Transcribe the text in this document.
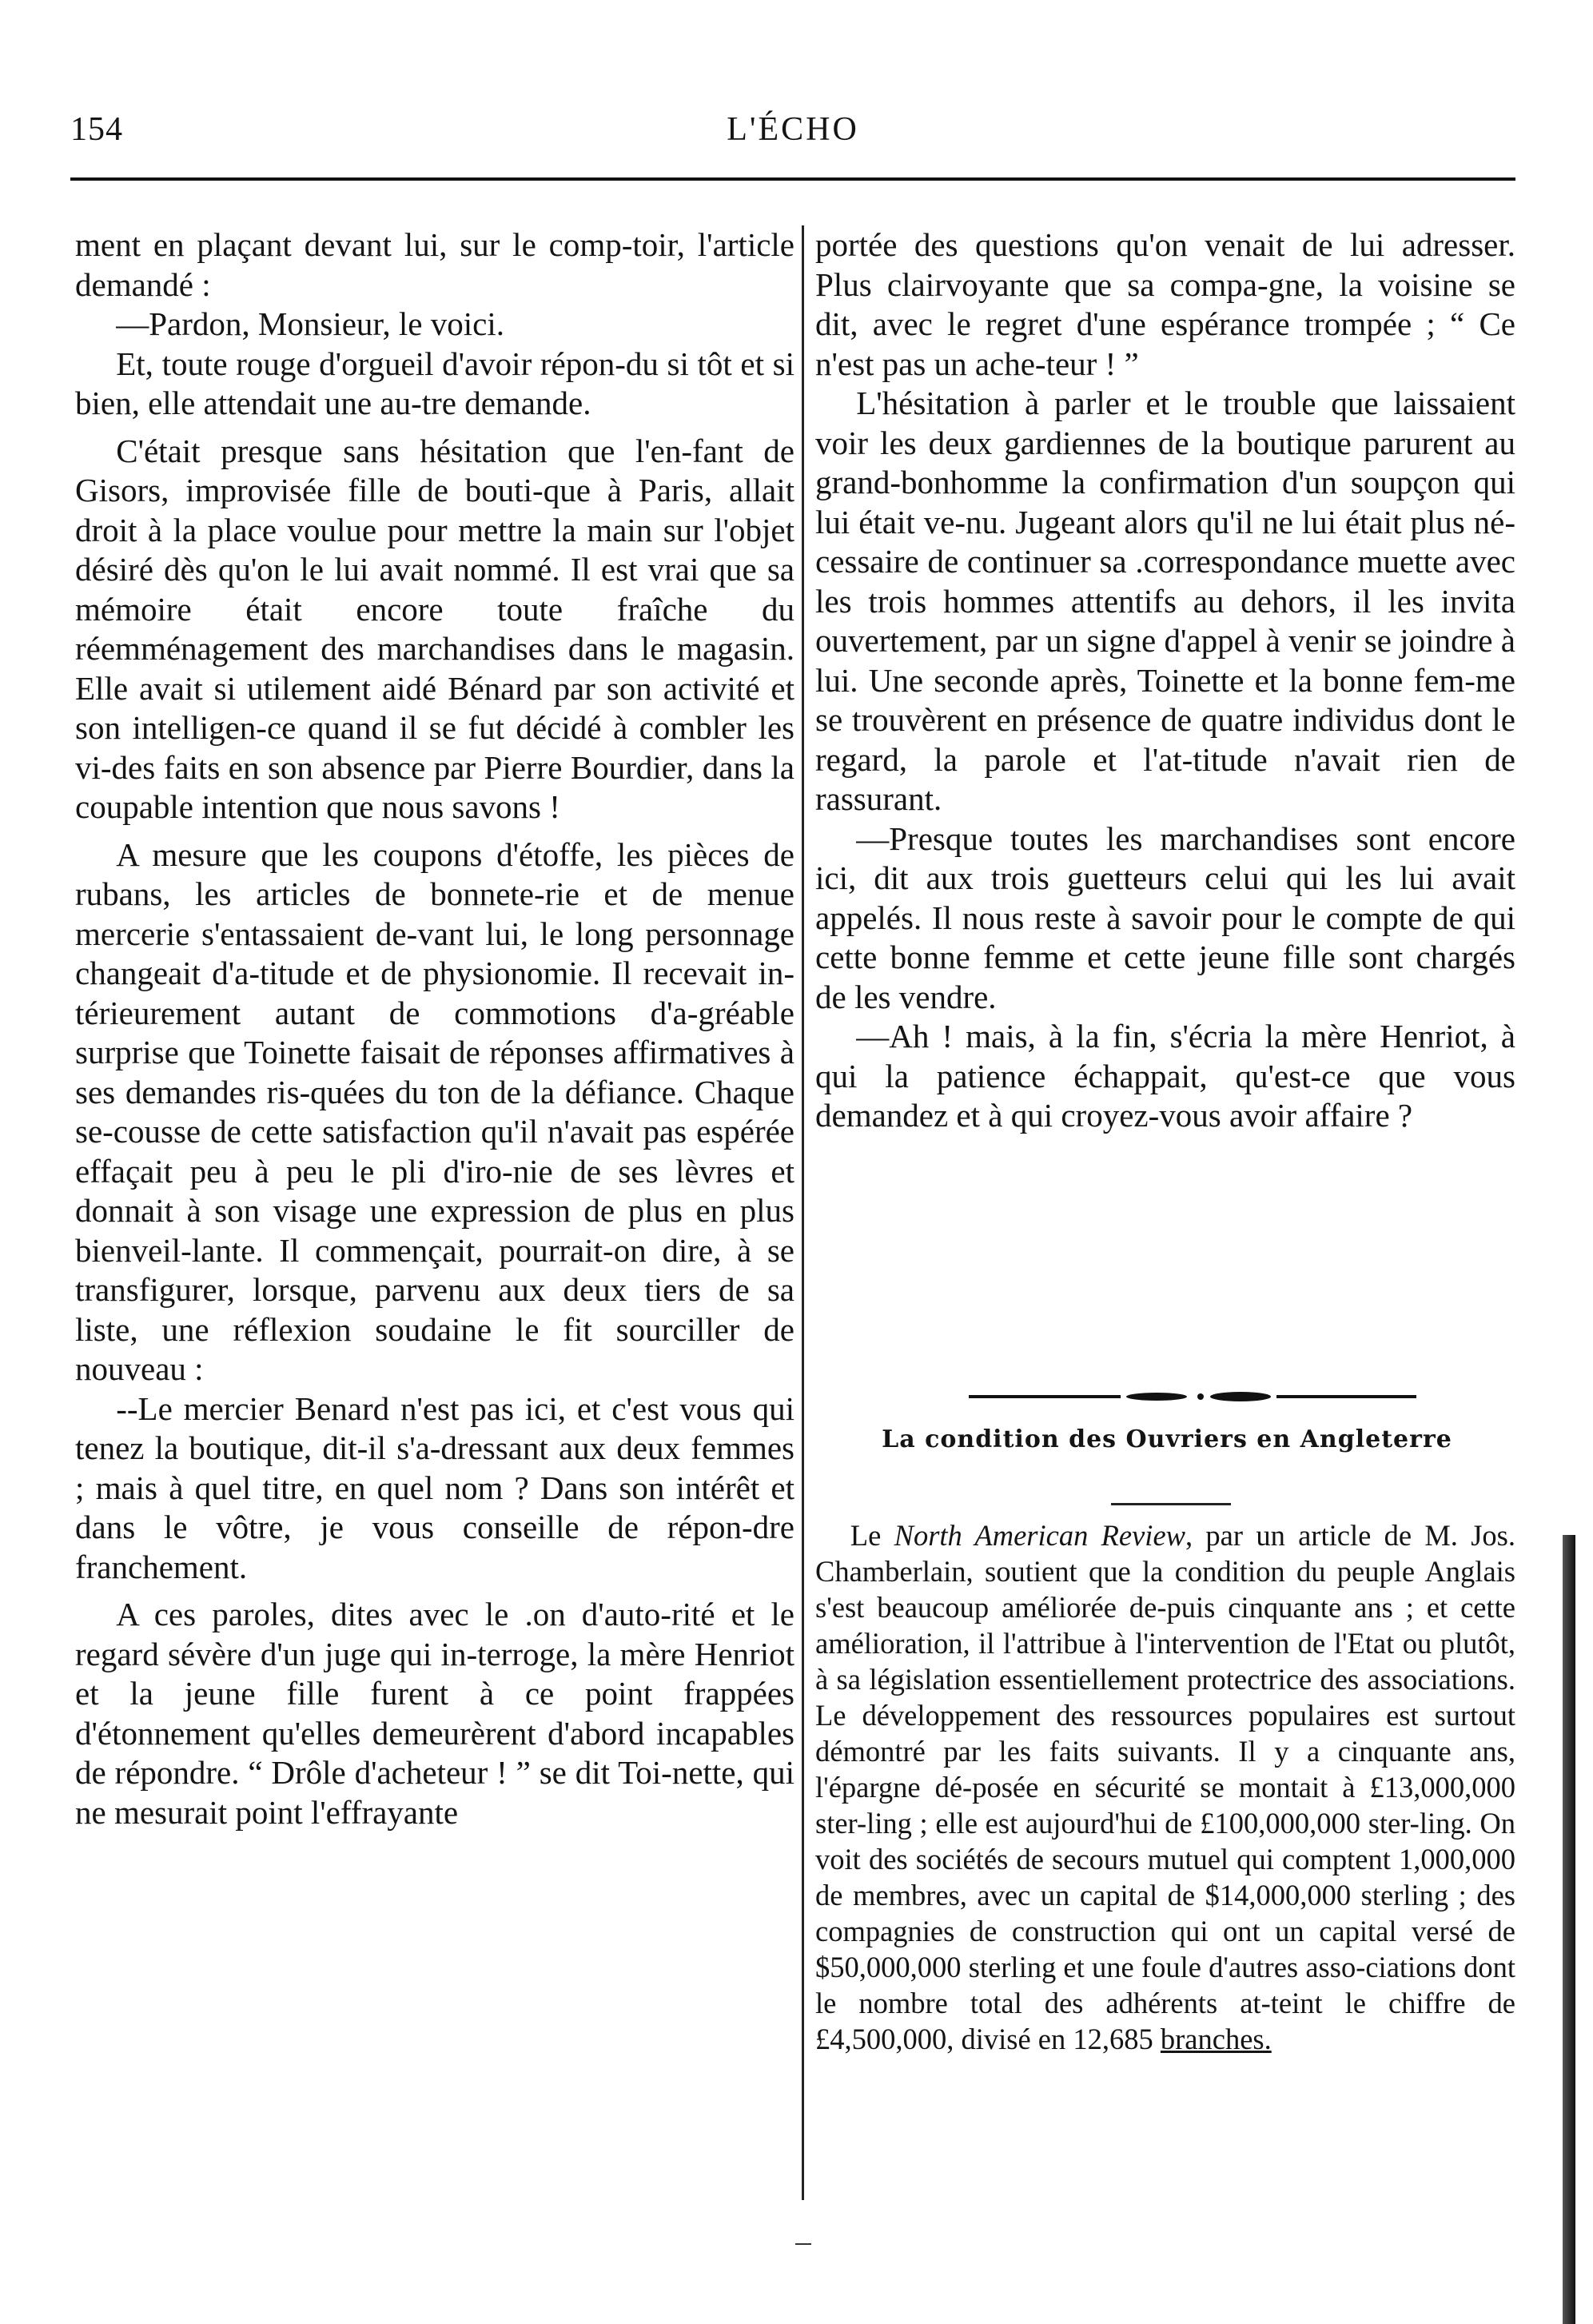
154	L'ÉCHO

ment en plaçant devant lui, sur le comp-toir, l'article demandé :

—Pardon, Monsieur, le voici.

Et, toute rouge d'orgueil d'avoir répon-du si tôt et si bien, elle attendait une au-tre demande.

C'était presque sans hésitation que l'en-fant de Gisors, improvisée fille de bouti-que à Paris, allait droit à la place voulue pour mettre la main sur l'objet désiré dès qu'on le lui avait nommé. Il est vrai que sa mémoire était encore toute fraîche du réemménagement des marchandises dans le magasin. Elle avait si utilement aidé Bénard par son activité et son intelligen-ce quand il se fut décidé à combler les vi-des faits en son absence par Pierre Bourdier, dans la coupable intention que nous savons !

A mesure que les coupons d'étoffe, les pièces de rubans, les articles de bonnete-rie et de menue mercerie s'entassaient de-vant lui, le long personnage changeait d'a-titude et de physionomie. Il recevait in-térieurement autant de commotions d'a-gréable surprise que Toinette faisait de réponses affirmatives à ses demandes ris-quées du ton de la défiance. Chaque se-cousse de cette satisfaction qu'il n'avait pas espérée effaçait peu à peu le pli d'iro-nie de ses lèvres et donnait à son visage une expression de plus en plus bienveil-lante. Il commençait, pourrait-on dire, à se transfigurer, lorsque, parvenu aux deux tiers de sa liste, une réflexion soudaine le fit sourciller de nouveau :

--Le mercier Benard n'est pas ici, et c'est vous qui tenez la boutique, dit-il s'a-dressant aux deux femmes ; mais à quel titre, en quel nom ? Dans son intérêt et dans le vôtre, je vous conseille de répon-dre franchement.

A ces paroles, dites avec le .on d'auto-rité et le regard sévère d'un juge qui in-terroge, la mère Henriot et la jeune fille furent à ce point frappées d'étonnement qu'elles demeurèrent d'abord incapables de répondre. “ Drôle d'acheteur ! ” se dit Toi-nette, qui ne mesurait point l'effrayante

portée des questions qu'on venait de lui adresser. Plus clairvoyante que sa compa-gne, la voisine se dit, avec le regret d'une espérance trompée ; “ Ce n'est pas un ache-teur ! ”

L'hésitation à parler et le trouble que laissaient voir les deux gardiennes de la boutique parurent au grand-bonhomme la confirmation d'un soupçon qui lui était ve-nu. Jugeant alors qu'il ne lui était plus né-cessaire de continuer sa .correspondance muette avec les trois hommes attentifs au dehors, il les invita ouvertement, par un signe d'appel à venir se joindre à lui. Une seconde après, Toinette et la bonne fem-me se trouvèrent en présence de quatre individus dont le regard, la parole et l'at-titude n'avait rien de rassurant.

—Presque toutes les marchandises sont encore ici, dit aux trois guetteurs celui qui les lui avait appelés. Il nous reste à savoir pour le compte de qui cette bonne femme et cette jeune fille sont chargés de les vendre.

—Ah ! mais, à la fin, s'écria la mère Henriot, à qui la patience échappait, qu'est-ce que vous demandez et à qui croyez-vous avoir affaire ?

La condition des Ouvriers en Angleterre

Le North American Review, par un article de M. Jos. Chamberlain, soutient que la condition du peuple Anglais s'est beaucoup améliorée de-puis cinquante ans ; et cette amélioration, il l'attribue à l'intervention de l'Etat ou plutôt, à sa législation essentiellement protectrice des associations. Le développement des ressources populaires est surtout démontré par les faits suivants. Il y a cinquante ans, l'épargne dé-posée en sécurité se montait à £13,000,000 ster-ling ; elle est aujourd'hui de £100,000,000 ster-ling. On voit des sociétés de secours mutuel qui comptent 1,000,000 de membres, avec un capital de $14,000,000 sterling ; des compagnies de construction qui ont un capital versé de $50,000,000 sterling et une foule d'autres asso-ciations dont le nombre total des adhérents at-teint le chiffre de £4,500,000, divisé en 12,685 branches.
